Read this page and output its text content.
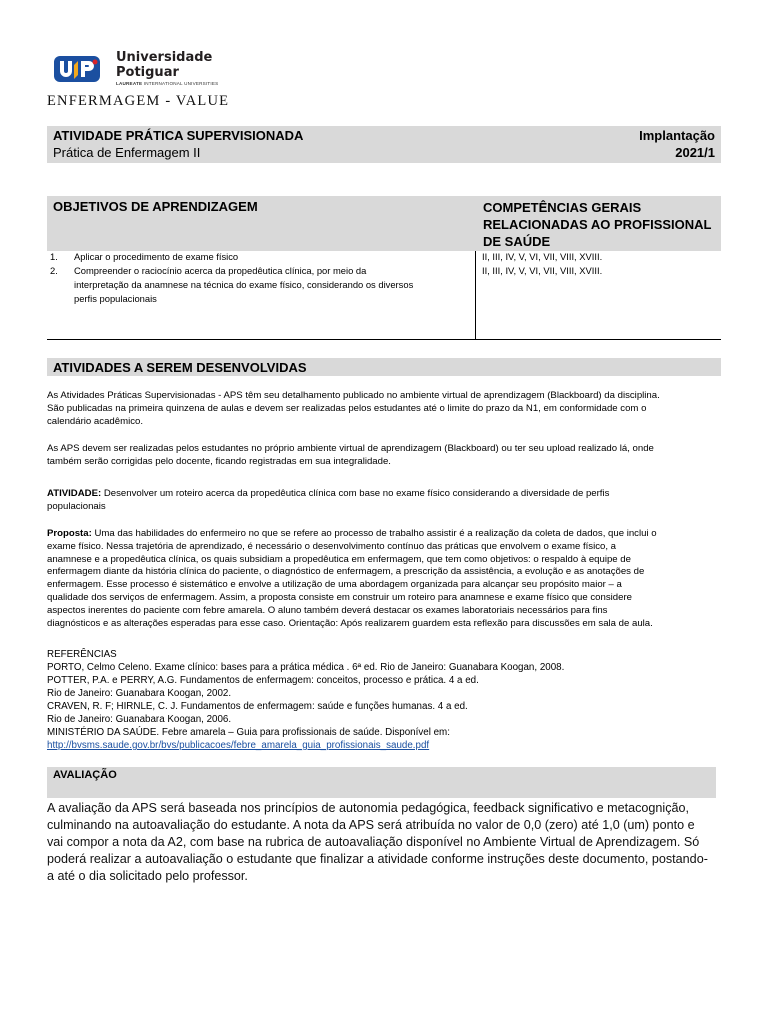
Universidade
Potiguar
LAUREATE INTERNATIONAL UNIVERSITIES
ENFERMAGEM - VALUE
ATIVIDADE PRÁTICA SUPERVISIONADA
Prática de Enfermagem II
Implantação
2021/1
OBJETIVOS DE APRENDIZAGEM	COMPETÊNCIAS GERAIS
RELACIONADAS AO PROFISSIONAL
DE SAÚDE
1. Aplicar o procedimento de exame físico
2. Compreender o raciocínio acerca da propedêutica clínica, por meio da
interpretação da anamnese na técnica do exame físico, considerando os diversos
perfis populacionais
II, III, IV, V, VI, VII, VIII, XVIII.
II, III, IV, V, VI, VII, VIII, XVIII.
ATIVIDADES A SEREM DESENVOLVIDAS
As Atividades Práticas Supervisionadas - APS têm seu detalhamento publicado no ambiente virtual de aprendizagem (Blackboard) da disciplina.
São publicadas na primeira quinzena de aulas e devem ser realizadas pelos estudantes até o limite do prazo da N1, em conformidade com o
calendário acadêmico.
As APS devem ser realizadas pelos estudantes no próprio ambiente virtual de aprendizagem (Blackboard) ou ter seu upload realizado lá, onde
também serão corrigidas pelo docente, ficando registradas em sua integralidade.
ATIVIDADE: Desenvolver um roteiro acerca da propedêutica clínica com base no exame físico considerando a diversidade de perfis
populacionais
Proposta: Uma das habilidades do enfermeiro no que se refere ao processo de trabalho assistir é a realização da coleta de dados, que inclui o
exame físico. Nessa trajetória de aprendizado, é necessário o desenvolvimento contínuo das práticas que envolvem o exame físico, a
anamnese e a propedêutica clínica, os quais subsidiam a propedêutica em enfermagem, que tem como objetivos: o respaldo à equipe de
enfermagem diante da história clínica do paciente, o diagnóstico de enfermagem, a prescrição da assistência, a evolução e as anotações de
enfermagem. Esse processo é sistemático e envolve a utilização de uma abordagem organizada para alcançar seu propósito maior – a
qualidade dos serviços de enfermagem. Assim, a proposta consiste em construir um roteiro para anamnese e exame físico que considere
aspectos inerentes do paciente com febre amarela. O aluno também deverá destacar os exames laboratoriais necessários para fins
diagnósticos e as alterações esperadas para esse caso. Orientação: Após realizarem guardem esta reflexão para discussões em sala de aula.
REFERÊNCIAS
PORTO, Celmo Celeno. Exame clínico: bases para a prática médica . 6ª ed. Rio de Janeiro: Guanabara Koogan, 2008.
POTTER, P.A. e PERRY, A.G. Fundamentos de enfermagem: conceitos, processo e prática. 4 a ed.
Rio de Janeiro: Guanabara Koogan, 2002.
CRAVEN, R. F; HIRNLE, C. J. Fundamentos de enfermagem: saúde e funções humanas. 4 a ed.
Rio de Janeiro: Guanabara Koogan, 2006.
MINISTÉRIO DA SAÚDE. Febre amarela – Guia para profissionais de saúde. Disponível em:
http://bvsms.saude.gov.br/bvs/publicacoes/febre_amarela_guia_profissionais_saude.pdf
AVALIAÇÃO
A avaliação da APS será baseada nos princípios de autonomia pedagógica, feedback significativo e metacognição,
culminando na autoavaliação do estudante. A nota da APS será atribuída no valor de 0,0 (zero) até 1,0 (um) ponto e
vai compor a nota da A2, com base na rubrica de autoavaliação disponível no Ambiente Virtual de Aprendizagem. Só
poderá realizar a autoavaliação o estudante que finalizar a atividade conforme instruções deste documento, postando-
a até o dia solicitado pelo professor.
